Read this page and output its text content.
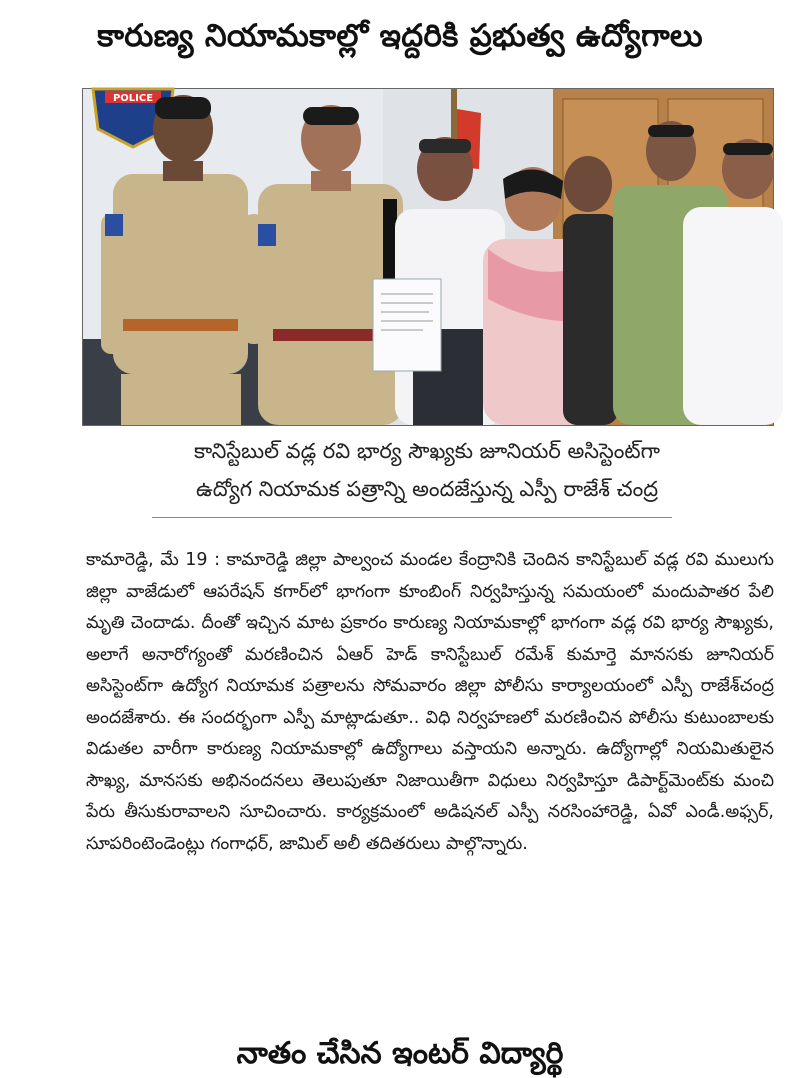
కారుణ్య నియామకాల్లో ఇద్దరికి ప్రభుత్వ ఉద్యోగాలు
POLICE
కానిస్టేబుల్ వడ్ల రవి భార్య సౌఖ్యకు జూనియర్ అసిస్టెంట్‌గా
ఉద్యోగ నియామక పత్రాన్ని అందజేస్తున్న ఎస్పీ రాజేశ్ చంద్ర

కామారెడ్డి, మే 19 : కామారెడ్డి జిల్లా పాల్వంచ మండల కేంద్రానికి చెందిన కానిస్టేబుల్ వడ్ల రవి ములుగు జిల్లా వాజేడులో ఆపరేషన్ కగార్‌లో భాగంగా కూంబింగ్ నిర్వహిస్తున్న సమయంలో మందుపాతర పేలి మృతి చెందాడు. దీంతో ఇచ్చిన మాట ప్రకారం కారుణ్య నియామకాల్లో భాగంగా వడ్ల రవి భార్య సౌఖ్యకు, అలాగే అనారోగ్యంతో మరణించిన ఏఆర్ హెడ్ కానిస్టేబుల్ రమేశ్ కుమార్తె మానసకు జూనియర్ అసిస్టెంట్‌గా ఉద్యోగ నియామక పత్రాలను సోమవారం జిల్లా పోలీసు కార్యాలయంలో ఎస్పీ రాజేశ్‌చంద్ర అందజేశారు. ఈ సందర్భంగా ఎస్పీ మాట్లాడుతూ.. విధి నిర్వహణలో మరణించిన పోలీసు కుటుంబాలకు విడుతల వారీగా కారుణ్య నియామకాల్లో ఉద్యోగాలు వస్తాయని అన్నారు. ఉద్యోగాల్లో నియమితులైన సౌఖ్య, మానసకు అభినందనలు తెలుపుతూ నిజాయితీగా విధులు నిర్వహిస్తూ డిపార్ట్‌మెంట్‌కు మంచి పేరు తీసుకురావాలని సూచించారు. కార్యక్రమంలో అడిషనల్ ఎస్పీ నరసింహారెడ్డి, ఏవో ఎండీ.అఫ్సర్, సూపరింటెండెంట్లు గంగాధర్, జామిల్ అలీ తదితరులు పాల్గొన్నారు.

నాతం చేసిన ఇంటర్ విద్యార్థి
